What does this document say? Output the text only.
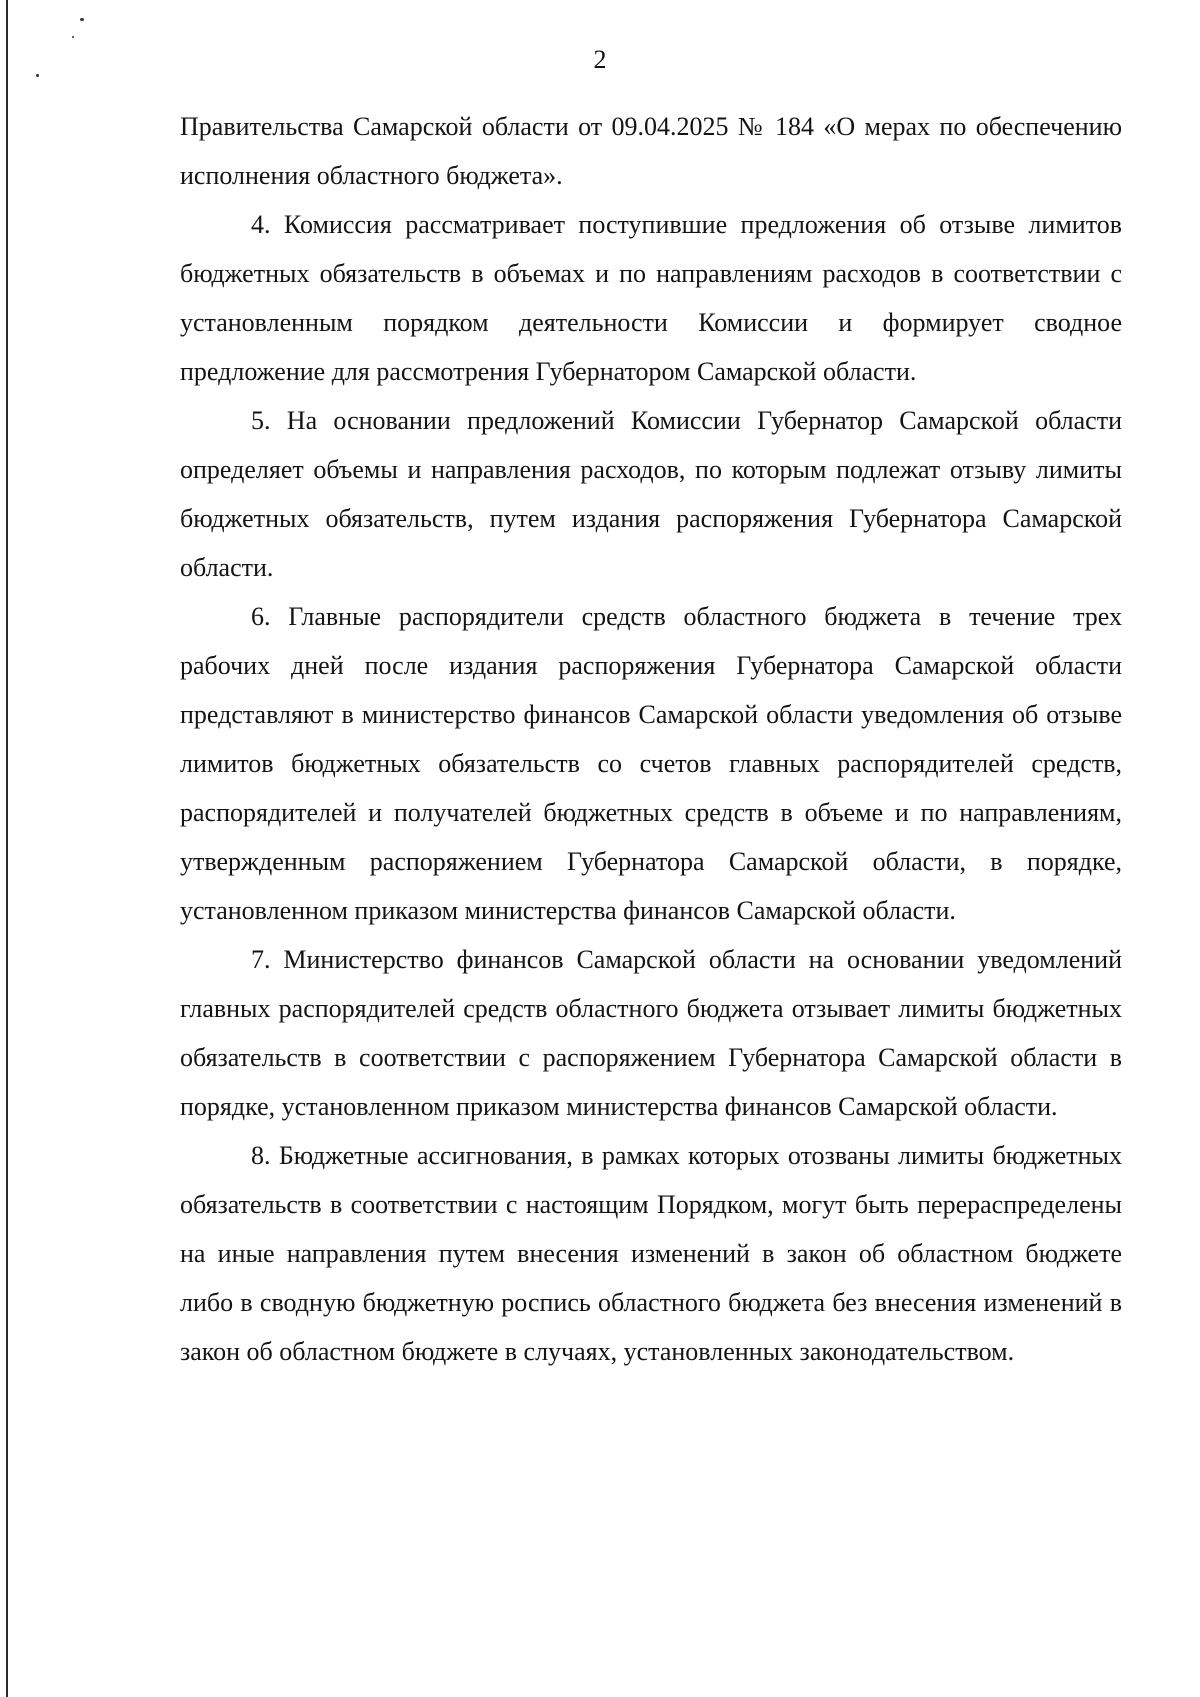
2

Правительства Самарской области от 09.04.2025 № 184 «О мерах по обеспечению исполнения областного бюджета».

4. Комиссия рассматривает поступившие предложения об отзыве лимитов бюджетных обязательств в объемах и по направлениям расходов в соответствии с установленным порядком деятельности Комиссии и формирует сводное предложение для рассмотрения Губернатором Самарской области.

5. На основании предложений Комиссии Губернатор Самарской области определяет объемы и направления расходов, по которым подлежат отзыву лимиты бюджетных обязательств, путем издания распоряжения Губернатора Самарской области.

6. Главные распорядители средств областного бюджета в течение трех рабочих дней после издания распоряжения Губернатора Самарской области представляют в министерство финансов Самарской области уведомления об отзыве лимитов бюджетных обязательств со счетов главных распорядителей средств, распорядителей и получателей бюджетных средств в объеме и по направлениям, утвержденным распоряжением Губернатора Самарской области, в порядке, установленном приказом министерства финансов Самарской области.

7. Министерство финансов Самарской области на основании уведомлений главных распорядителей средств областного бюджета отзывает лимиты бюджетных обязательств в соответствии с распоряжением Губернатора Самарской области в порядке, установленном приказом министерства финансов Самарской области.

8. Бюджетные ассигнования, в рамках которых отозваны лимиты бюджетных обязательств в соответствии с настоящим Порядком, могут быть перераспределены на иные направления путем внесения изменений в закон об областном бюджете либо в сводную бюджетную роспись областного бюджета без внесения изменений в закон об областном бюджете в случаях, установленных законодательством.
